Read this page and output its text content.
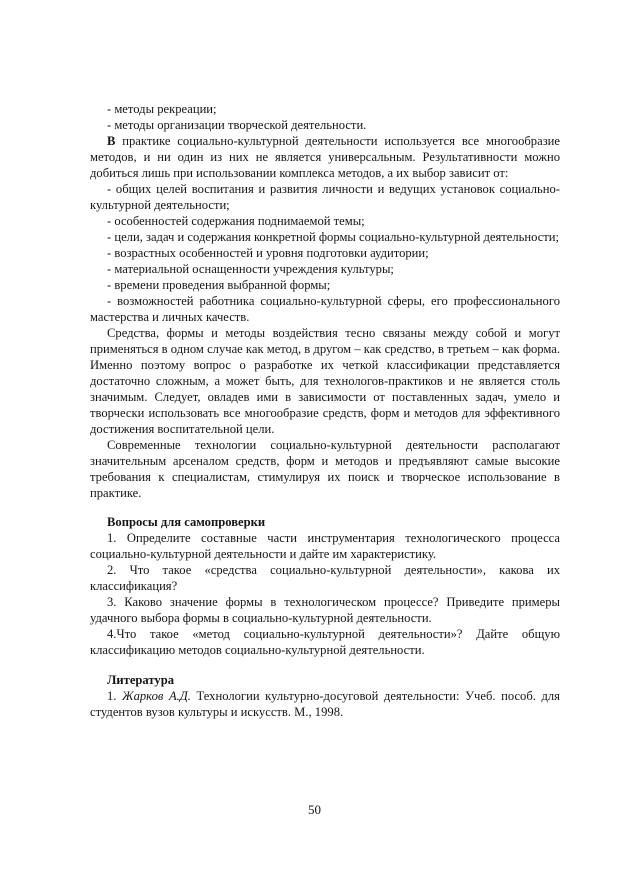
- методы рекреации;

- методы организации творческой деятельности.

В практике социально-культурной деятельности используется все многообразие методов, и ни один из них не является универсальным. Результативности можно добиться лишь при использовании комплекса методов, а их выбор зависит от:

- общих целей воспитания и развития личности и ведущих установок социально-культурной деятельности;

- особенностей содержания поднимаемой темы;

- цели, задач и содержания конкретной формы социально-культурной деятельности;

- возрастных особенностей и уровня подготовки аудитории;

- материальной оснащенности учреждения культуры;

- времени проведения выбранной формы;

- возможностей работника социально-культурной сферы, его профессионального мастерства и личных качеств.

Средства, формы и методы воздействия тесно связаны между собой и могут применяться в одном случае как метод, в другом – как средство, в третьем – как форма. Именно поэтому вопрос о разработке их четкой классификации представляется достаточно сложным, а может быть, для технологов-практиков и не является столь значимым. Следует, овладев ими в зависимости от поставленных задач, умело и творчески использовать все многообразие средств, форм и методов для эффективного достижения воспитательной цели.

Современные технологии социально-культурной деятельности располагают значительным арсеналом средств, форм и методов и предъявляют самые высокие требования к специалистам, стимулируя их поиск и творческое использование в практике.

Вопросы для самопроверки

1. Определите составные части инструментария технологического процесса социально-культурной деятельности и дайте им характеристику.

2. Что такое «средства социально-культурной деятельности», какова их классификация?

3. Каково значение формы в технологическом процессе? Приведите примеры удачного выбора формы в социально-культурной деятельности.

4.Что такое «метод социально-культурной деятельности»? Дайте общую классификацию методов социально-культурной деятельности.

Литература

1. Жарков А.Д. Технологии культурно-досуговой деятельности: Учеб. пособ. для студентов вузов культуры и искусств. М., 1998.

50
